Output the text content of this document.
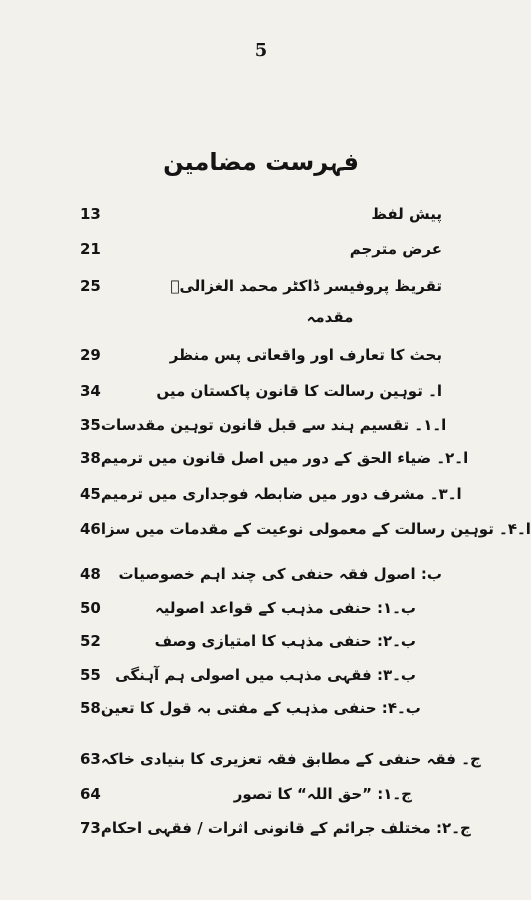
5
فہرست مضامین
13	پیش لفظ
21	عرض مترجم
25	تقریظ پروفیسر ڈاکٹر محمد الغزالیؒ
مقدمہ
29	بحث کا تعارف اور واقعاتی پس منظر
34	ا۔ توہین رسالت کا قانون پاکستان میں
35 ا۔۱۔ تقسیم ہند سے قبل قانون توہین مقدسات
38 ا۔۲۔ ضیاء الحق کے دور میں اصل قانون میں ترمیم
45 ا۔۳۔ مشرف دور میں ضابطہ فوجداری میں ترمیم
46 ا۔۴۔ توہین رسالت کے معمولی نوعیت کے مقدمات میں سزا
48	ب: اصول فقہ حنفی کی چند اہم خصوصیات
50	ب۔۱: حنفی مذہب کے قواعد اصولیہ
52	ب۔۲: حنفی مذہب کا امتیازی وصف
55 ب۔۳: فقہی مذہب میں اصولی ہم آہنگی
58 ب۔۴: حنفی مذہب کے مفتی بہ قول کا تعین
63 ج۔ فقہ حنفی کے مطابق فقہ تعزیری کا بنیادی خاکہ
64	ج۔۱: ”حق اللہ“ کا تصور
73 ج۔۲: مختلف جرائم کے قانونی اثرات / فقہی احکام
